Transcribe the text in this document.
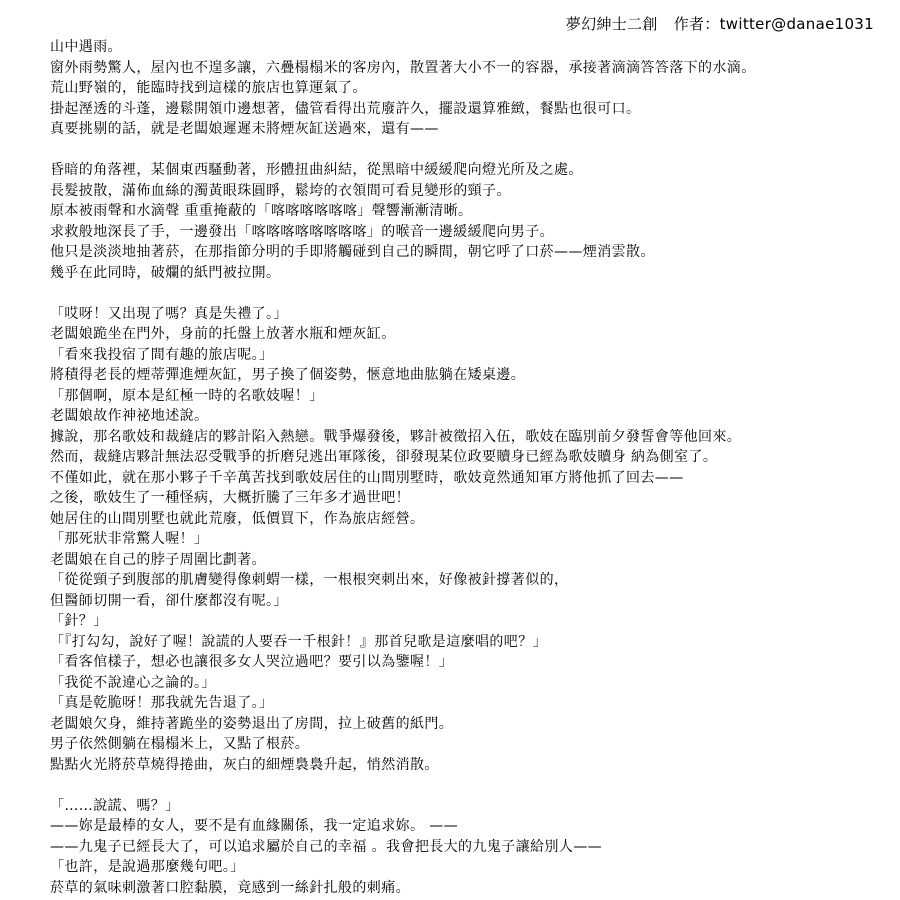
夢幻紳士二創 作者：twitter@danae1031
山中遇雨。
窗外雨勢驚人，屋內也不遑多讓，六疊榻榻米的客房內，散置著大小不一的容器，承接著滴滴答答落下的水滴。
荒山野嶺的，能臨時找到這樣的旅店也算運氣了。
掛起溼透的斗蓬，邊鬆開領巾邊想著，儘管看得出荒廢許久，擺設還算雅緻，餐點也很可口。
真要挑剔的話，就是老闆娘遲遲未將煙灰缸送過來，還有——
昏暗的角落裡，某個東西騷動著，形體扭曲糾結，從黑暗中緩緩爬向燈光所及之處。
長髮披散，滿佈血絲的濁黃眼珠圓睜，鬆垮的衣領間可看見變形的頸子。
原本被雨聲和水滴聲 重重掩蔽的「喀喀喀喀喀喀」聲響漸漸清晰。
求救般地深長了手，一邊發出「喀喀喀喀喀喀喀喀」的喉音一邊緩緩爬向男子。
他只是淡淡地抽著菸，在那指節分明的手即將觸碰到自己的瞬間，朝它呼了口菸——煙消雲散。
幾乎在此同時，破爛的紙門被拉開。
「哎呀！又出現了嗎？真是失禮了。」
老闆娘跪坐在門外，身前的托盤上放著水瓶和煙灰缸。
「看來我投宿了間有趣的旅店呢。」
將積得老長的煙蒂彈進煙灰缸，男子換了個姿勢，愜意地曲肱躺在矮桌邊。
「那個啊，原本是紅極一時的名歌妓喔！」
老闆娘故作神祕地述說。
據說，那名歌妓和裁縫店的夥計陷入熱戀。戰爭爆發後，夥計被徵招入伍，歌妓在臨別前夕發誓會等他回來。
然而，裁縫店夥計無法忍受戰爭的折磨兒逃出軍隊後，卻發現某位政要贖身已經為歌妓贖身 納為側室了。
不僅如此，就在那小夥子千辛萬苦找到歌妓居住的山間別墅時，歌妓竟然通知軍方將他抓了回去——
之後，歌妓生了一種怪病，大概折騰了三年多才過世吧！
她居住的山間別墅也就此荒廢，低價買下，作為旅店經營。
「那死狀非常驚人喔！」
老闆娘在自己的脖子周圍比劃著。
「從從頸子到腹部的肌膚變得像刺蝟一樣，一根根突刺出來，好像被針撐著似的，
但醫師切開一看，卻什麼都沒有呢。」
「針？」
「『打勾勾，說好了喔！說謊的人要吞一千根針！』那首兒歌是這麼唱的吧？」
「看客倌樣子，想必也讓很多女人哭泣過吧？要引以為鑒喔！」
「我從不說違心之論的。」
「真是乾脆呀！那我就先告退了。」
老闆娘欠身，維持著跪坐的姿勢退出了房間，拉上破舊的紙門。
男子依然側躺在榻榻米上，又點了根菸。
點點火光將菸草燒得捲曲，灰白的細煙裊裊升起，悄然消散。
「……說謊、嗎？」
——妳是最棒的女人，要不是有血緣關係，我一定追求妳。 ——
——九鬼子已經長大了，可以追求屬於自己的幸福 。我會把長大的九鬼子讓給別人——
「也許，是說過那麼幾句吧。」
菸草的氣味刺激著口腔黏膜，竟感到一絲針扎般的刺痛。
